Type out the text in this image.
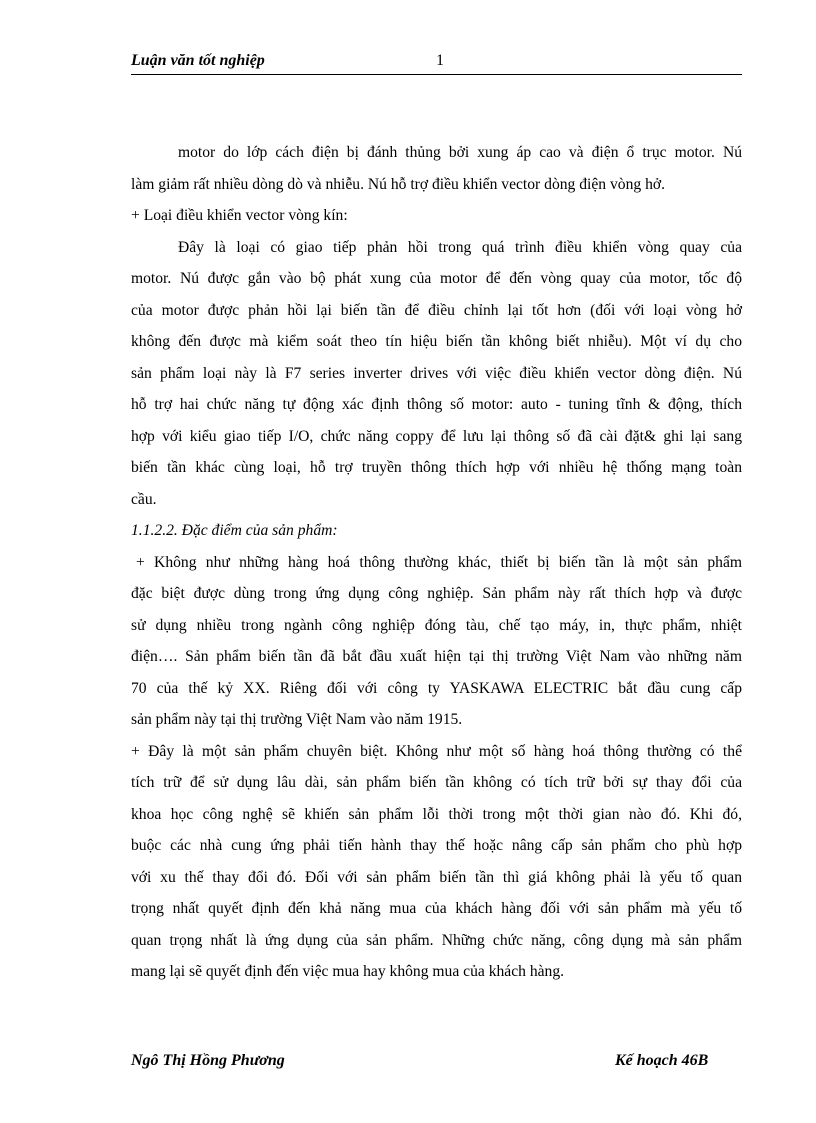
Luận văn tốt nghiệp	1
motor do lớp cách điện bị đánh thủng bởi xung áp cao và điện ổ trục motor. Nú
làm giảm rất nhiều dòng dò và nhiễu. Nú hỗ trợ điều khiển vector dòng điện vòng hở.
+ Loại điều khiển vector vòng kín:
Đây là loại có giao tiếp phản hồi trong quá trình điều khiển vòng quay của
motor. Nú được gắn vào bộ phát xung của motor để đến vòng quay của motor, tốc độ
của motor được phản hồi lại biến tần để điều chỉnh lại tốt hơn (đối với loại vòng hở
không đến được mà kiểm soát theo tín hiệu biến tần không biết nhiễu). Một ví dụ cho
sản phẩm loại này là F7 series inverter drives với việc điều khiển vector dòng điện. Nú
hỗ trợ hai chức năng tự động xác định thông số motor: auto - tuning tĩnh & động, thích
hợp với kiểu giao tiếp I/O, chức năng coppy để lưu lại thông số đã cài đặt& ghi lại sang
biến tần khác cùng loại, hỗ trợ truyền thông thích hợp với nhiều hệ thống mạng toàn
cầu.
1.1.2.2. Đặc điểm của sản phẩm:
+ Không như những hàng hoá thông thường khác, thiết bị biến tần là một sản phẩm
đặc biệt được dùng trong ứng dụng công nghiệp. Sản phẩm này rất thích hợp và được
sử dụng nhiều trong ngành công nghiệp đóng tàu, chế tạo máy, in, thực phẩm, nhiệt
điện…. Sản phẩm biến tần đã bắt đầu xuất hiện tại thị trường Việt Nam vào những năm
70 của thế kỷ XX. Riêng đối với công ty YASKAWA ELECTRIC bắt đầu cung cấp
sản phẩm này tại thị trường Việt Nam vào năm 1915.
+ Đây là một sản phẩm chuyên biệt. Không như một số hàng hoá thông thường có thể
tích trữ để sử dụng lâu dài, sản phẩm biến tần không có tích trữ bởi sự thay đổi của
khoa học công nghệ sẽ khiến sản phẩm lỗi thời trong một thời gian nào đó. Khi đó,
buộc các nhà cung ứng phải tiến hành thay thế hoặc nâng cấp sản phẩm cho phù hợp
với xu thế thay đổi đó. Đối với sản phẩm biến tần thì giá không phải là yếu tố quan
trọng nhất quyết định đến khả năng mua của khách hàng đối với sản phẩm mà yếu tố
quan trọng nhất là ứng dụng của sản phẩm. Những chức năng, công dụng mà sản phẩm
mang lại sẽ quyết định đến việc mua hay không mua của khách hàng.
Ngô Thị Hồng Phương	Kế hoạch 46B
